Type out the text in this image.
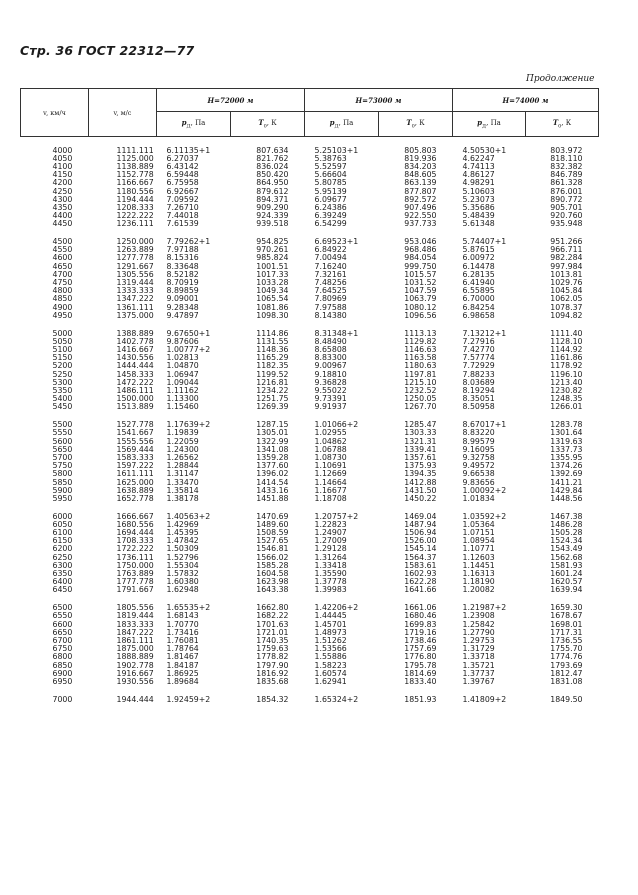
Стр. 36 ГОСТ 22312—77
Продолжение
v, км/ч	v, м/с	H=72000 м		H=73000 м		H=74000 м	
		$p_Д$, Па	$T_0$, К	$p_Д$, Па	$T_0$, К	$p_Д$, Па	$T_0$, К

4000	1111.111	6.11135+1	807.634	5.25103+1	805.803	4.50530+1	803.972
4050	1125.000	6.27037	821.762	5.38763	819.936	4.62247	818.110
4100	1138.889	6.43142	836.024	5.52597	834.203	4.74113	832.382
4150	1152.778	6.59448	850.420	5.66604	848.605	4.86127	846.789
4200	1166.667	6.75958	864.950	5.80785	863.139	4.98291	861.328
4250	1180.556	6.92667	879.612	5.95139	877.807	5.10603	876.001
4300	1194.444	7.09592	894.371	6.09677	892.572	5.23073	890.772
4350	1208.333	7.26710	909.290	6.24386	907.496	5.35686	905.701
4400	1222.222	7.44018	924.339	6.39249	922.550	5.48439	920.760
4450	1236.111	7.61539	939.518	6.54299	937.733	5.61348	935.948

4500	1250.000	7.79262+1	954.825	6.69523+1	953.046	5.74407+1	951.266
4550	1263.889	7.97188	970.261	6.84922	968.486	5.87615	966.711
4600	1277.778	8.15316	985.824	7.00494	984.054	6.00972	982.284
4650	1291.667	8.33648	1001.51	7.16240	999.750	6.14478	997.984
4700	1305.556	8.52182	1017.33	7.32161	1015.57	6.28135	1013.81
4750	1319.444	8.70919	1033.28	7.48256	1031.52	6.41940	1029.76
4800	1333.333	8.89859	1049.34	7.64525	1047.59	6.55895	1045.84
4850	1347.222	9.09001	1065.54	7.80969	1063.79	6.70000	1062.05
4900	1361.111	9.28348	1081.86	7.97588	1080.12	6.84254	1078.37
4950	1375.000	9.47897	1098.30	8.14380	1096.56	6.98658	1094.82

5000	1388.889	9.67650+1	1114.86	8.31348+1	1113.13	7.13212+1	1111.40
5050	1402.778	9.87606	1131.55	8.48490	1129.82	7.27916	1128.10
5100	1416.667	1.00777+2	1148.36	8.65808	1146.63	7.42770	1144.92
5150	1430.556	1.02813	1165.29	8.83300	1163.58	7.57774	1161.86
5200	1444.444	1.04870	1182.35	9.00967	1180.63	7.72929	1178.92
5250	1458.333	1.06947	1199.52	9.18810	1197.81	7.88233	1196.10
5300	1472.222	1.09044	1216.81	9.36828	1215.10	8.03689	1213.40
5350	1486.111	1.11162	1234.22	9.55022	1232.52	8.19294	1230.82
5400	1500.000	1.13300	1251.75	9.73391	1250.05	8.35051	1248.35
5450	1513.889	1.15460	1269.39	9.91937	1267.70	8.50958	1266.01

5500	1527.778	1.17639+2	1287.15	1.01066+2	1285.47	8.67017+1	1283.78
5550	1541.667	1.19839	1305.01	1.02955	1303.33	8.83220	1301.64
5600	1555.556	1.22059	1322.99	1.04862	1321.31	8.99579	1319.63
5650	1569.444	1.24300	1341.08	1.06788	1339.41	9.16095	1337.73
5700	1583.333	1.26562	1359.28	1.08730	1357.61	9.32758	1355.95
5750	1597.222	1.28844	1377.60	1.10691	1375.93	9.49572	1374.26
5800	1611.111	1.31147	1396.02	1.12669	1394.35	9.66538	1392.69
5850	1625.000	1.33470	1414.54	1.14664	1412.88	9.83656	1411.21
5900	1638.889	1.35814	1433.16	1.16677	1431.50	1.00092+2	1429.84
5950	1652.778	1.38178	1451.88	1.18708	1450.22	1.01834	1448.56

6000	1666.667	1.40563+2	1470.69	1.20757+2	1469.04	1.03592+2	1467.38
6050	1680.556	1.42969	1489.60	1.22823	1487.94	1.05364	1486.28
6100	1694.444	1.45395	1508.59	1.24907	1506.94	1.07151	1505.28
6150	1708.333	1.47842	1527.65	1.27009	1526.00	1.08954	1524.34
6200	1722.222	1.50309	1546.81	1.29128	1545.14	1.10771	1543.49
6250	1736.111	1.52796	1566.02	1.31264	1564.37	1.12603	1562.68
6300	1750.000	1.55304	1585.28	1.33418	1583.61	1.14451	1581.93
6350	1763.889	1.57832	1604.58	1.35590	1602.93	1.16313	1601.24
6400	1777.778	1.60380	1623.98	1.37778	1622.28	1.18190	1620.57
6450	1791.667	1.62948	1643.38	1.39983	1641.66	1.20082	1639.94

6500	1805.556	1.65535+2	1662.80	1.42206+2	1661.06	1.21987+2	1659.30
6550	1819.444	1.68143	1682.22	1.44445	1680.46	1.23908	1678.67
6600	1833.333	1.70770	1701.63	1.45701	1699.83	1.25842	1698.01
6650	1847.222	1.73416	1721.01	1.48973	1719.16	1.27790	1717.31
6700	1861.111	1.76081	1740.35	1.51262	1738.46	1.29753	1736.55
6750	1875.000	1.78764	1759.63	1.53566	1757.69	1.31729	1755.70
6800	1888.889	1.81467	1778.82	1.55886	1776.80	1.33718	1774.76
6850	1902.778	1.84187	1797.90	1.58223	1795.78	1.35721	1793.69
6900	1916.667	1.86925	1816.92	1.60574	1814.69	1.37737	1812.47
6950	1930.556	1.89684	1835.68	1.62941	1833.40	1.39767	1831.08

7000	1944.444	1.92459+2	1854.32	1.65324+2	1851.93	1.41809+2	1849.50
